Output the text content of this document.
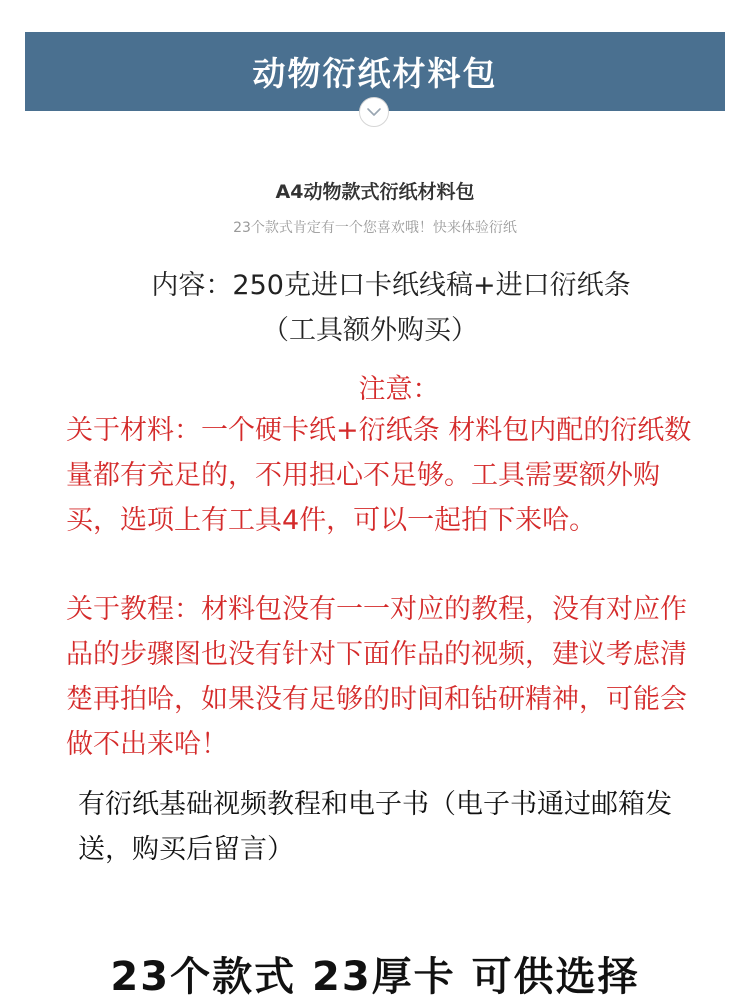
动物衍纸材料包
A4动物款式衍纸材料包
23个款式肯定有一个您喜欢哦！快来体验衍纸
内容：250克进口卡纸线稿+进口衍纸条
（工具额外购买）
注意：

关于材料：一个硬卡纸+衍纸条 材料包内配的衍纸数量都有充足的，不用担心不足够。工具需要额外购买，选项上有工具4件，可以一起拍下来哈。

关于教程：材料包没有一一对应的教程，没有对应作品的步骤图也没有针对下面作品的视频，建议考虑清楚再拍哈，如果没有足够的时间和钻研精神，可能会做不出来哈！

有衍纸基础视频教程和电子书（电子书通过邮箱发送，购买后留言）

23个款式 23厚卡 可供选择
